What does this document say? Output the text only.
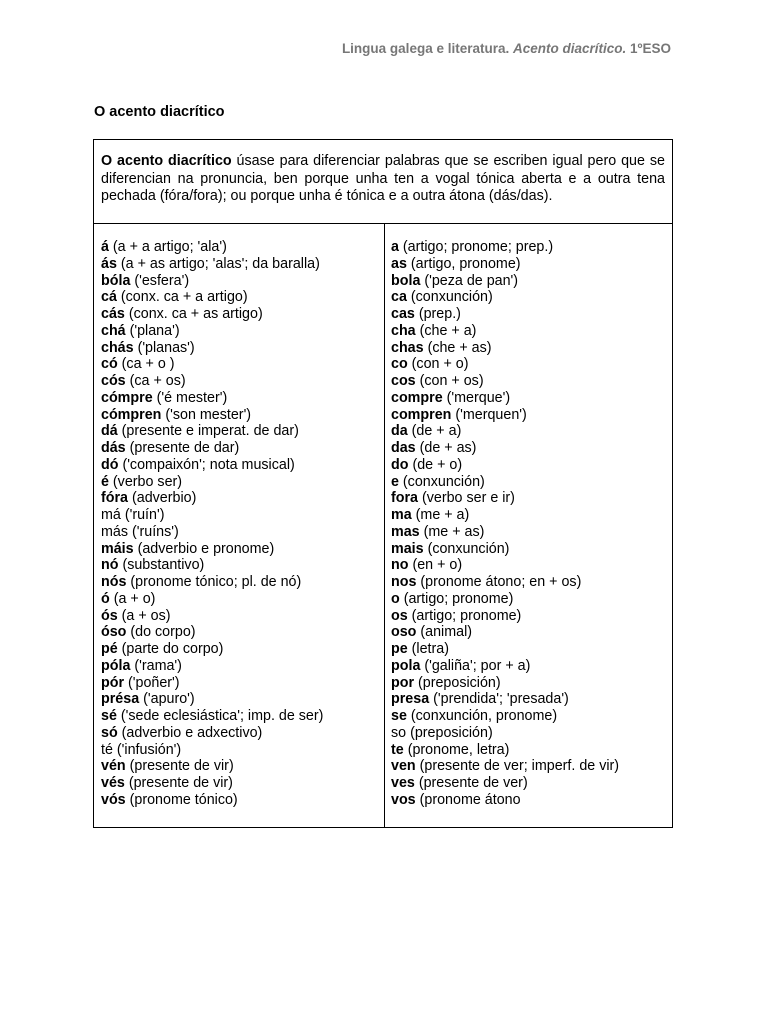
Lingua galega e literatura. Acento diacrítico. 1ºESO
O acento diacrítico
O acento diacrítico úsase para diferenciar palabras que se escriben igual pero que se diferencian na pronuncia, ben porque unha ten a vogal tónica aberta e a outra tena pechada (fóra/fora); ou porque unha é tónica e a outra átona (dás/das).
á (a + a artigo; 'ala')
ás (a + as artigo; 'alas'; da baralla)
bóla ('esfera')
cá (conx. ca + a artigo)
cás (conx. ca + as artigo)
chá ('plana')
chás ('planas')
có (ca + o )
cós (ca + os)
cómpre ('é mester')
cómpren ('son mester')
dá (presente e imperat. de dar)
dás (presente de dar)
dó ('compaixón'; nota musical)
é (verbo ser)
fóra (adverbio)
má ('ruín')
más ('ruíns')
máis (adverbio e pronome)
nó (substantivo)
nós (pronome tónico; pl. de nó)
ó (a + o)
ós (a + os)
óso (do corpo)
pé (parte do corpo)
póla ('rama')
pór ('poñer')
présa ('apuro')
sé ('sede eclesiástica'; imp. de ser)
só (adverbio e adxectivo)
té ('infusión')
vén (presente de vir)
vés (presente de vir)
vós (pronome tónico)
a (artigo; pronome; prep.)
as (artigo, pronome)
bola ('peza de pan')
ca (conxunción)
cas (prep.)
cha (che + a)
chas (che + as)
co (con + o)
cos (con + os)
compre ('merque')
compren ('merquen')
da (de + a)
das (de + as)
do (de + o)
e (conxunción)
fora (verbo ser e ir)
ma (me + a)
mas (me + as)
mais (conxunción)
no (en + o)
nos (pronome átono; en + os)
o (artigo; pronome)
os (artigo; pronome)
oso (animal)
pe (letra)
pola ('galiña'; por + a)
por (preposición)
presa ('prendida'; 'presada')
se (conxunción, pronome)
so (preposición)
te (pronome, letra)
ven (presente de ver; imperf. de vir)
ves (presente de ver)
vos (pronome átono
